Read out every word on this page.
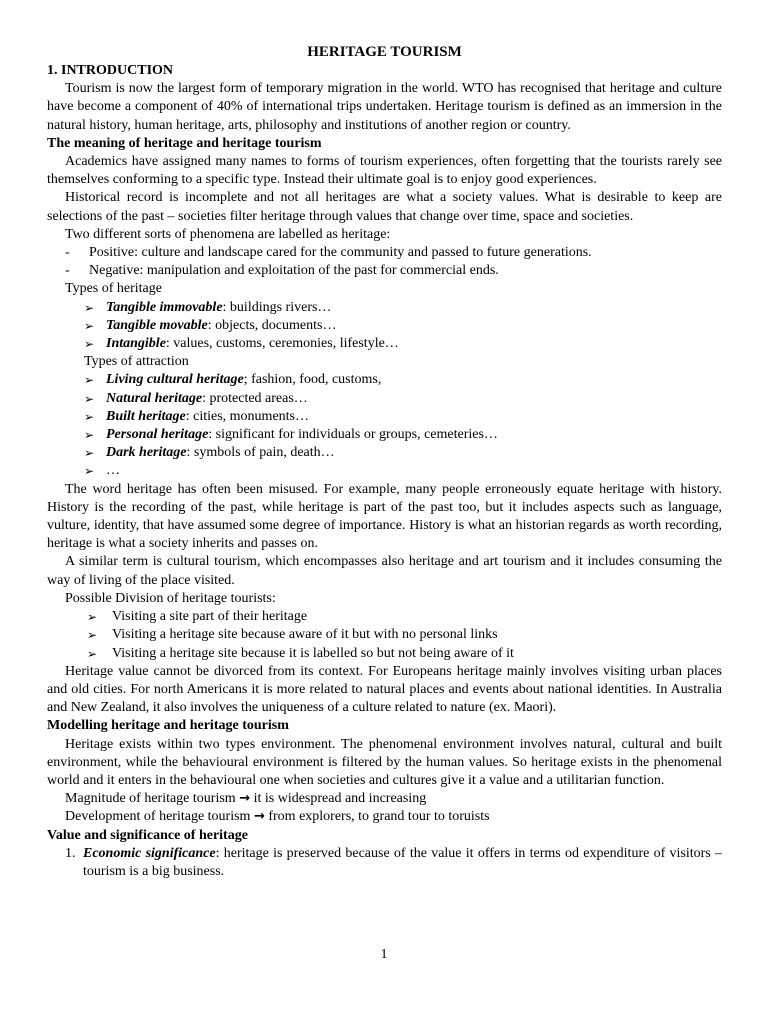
HERITAGE TOURISM

1. INTRODUCTION

Tourism is now the largest form of temporary migration in the world. WTO has recognised that heritage and culture have become a component of 40% of international trips undertaken. Heritage tourism is defined as an immersion in the natural history, human heritage, arts, philosophy and institutions of another region or country.

The meaning of heritage and heritage tourism

Academics have assigned many names to forms of tourism experiences, often forgetting that the tourists rarely see themselves conforming to a specific type. Instead their ultimate goal is to enjoy good experiences.

Historical record is incomplete and not all heritages are what a society values. What is desirable to keep are selections of the past – societies filter heritage through values that change over time, space and societies.

Two different sorts of phenomena are labelled as heritage:

-	Positive: culture and landscape cared for the community and passed to future generations.
-	Negative: manipulation and exploitation of the past for commercial ends.

Types of heritage

➢ Tangible immovable: buildings rivers…
➢ Tangible movable: objects, documents…
➢ Intangible: values, customs, ceremonies, lifestyle…

Types of attraction

➢ Living cultural heritage; fashion, food, customs,
➢ Natural heritage: protected areas…
➢ Built heritage: cities, monuments…
➢ Personal heritage: significant for individuals or groups, cemeteries…
➢ Dark heritage: symbols of pain, death…
➢ …

The word heritage has often been misused. For example, many people erroneously equate heritage with history. History is the recording of the past, while heritage is part of the past too, but it includes aspects such as language, vulture, identity, that have assumed some degree of importance. History is what an historian regards as worth recording, heritage is what a society inherits and passes on.

A similar term is cultural tourism, which encompasses also heritage and art tourism and it includes consuming the way of living of the place visited.

Possible Division of heritage tourists:

➢	Visiting a site part of their heritage
➢	Visiting a heritage site because aware of it but with no personal links
➢	Visiting a heritage site because it is labelled so but not being aware of it

Heritage value cannot be divorced from its context. For Europeans heritage mainly involves visiting urban places and old cities. For north Americans it is more related to natural places and events about national identities. In Australia and New Zealand, it also involves the uniqueness of a culture related to nature (ex. Maori).

Modelling heritage and heritage tourism

Heritage exists within two types environment. The phenomenal environment involves natural, cultural and built environment, while the behavioural environment is filtered by the human values. So heritage exists in the phenomenal world and it enters in the behavioural one when societies and cultures give it a value and a utilitarian function.

Magnitude of heritage tourism → it is widespread and increasing

Development of heritage tourism → from explorers, to grand tour to toruists

Value and significance of heritage

1. Economic significance: heritage is preserved because of the value it offers in terms od expenditure of visitors – tourism is a big business.
1
